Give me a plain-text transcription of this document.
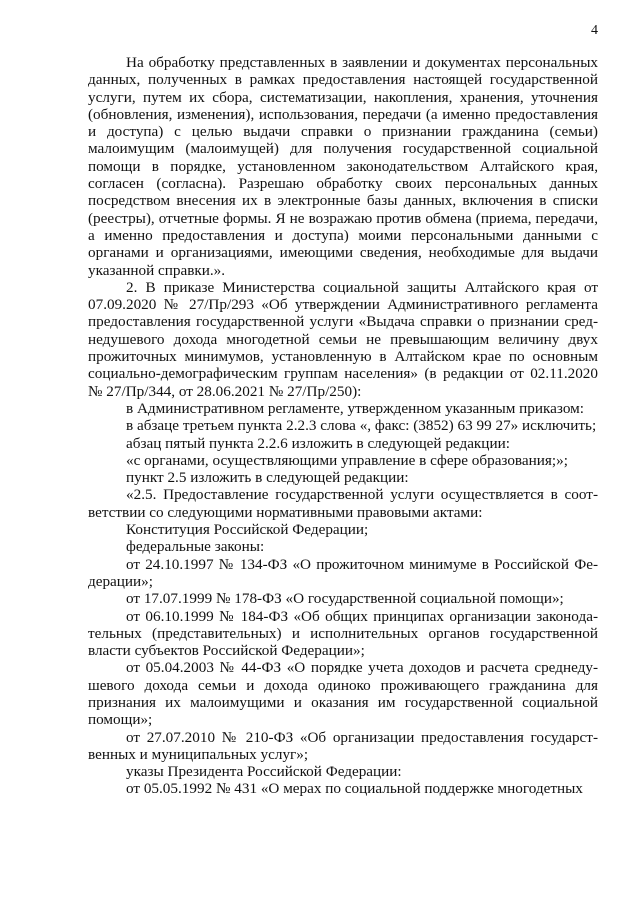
4

На обработку представленных в заявлении и документах персональных данных, полученных в рамках предоставления настоящей государственной услуги, путем их сбора, систематизации, накопления, хранения, уточнения (обновления, изменения), использования, передачи (а именно предоставления и доступа) с целью выдачи справки о признании гражданина (семьи) малоимущим (малоимущей) для получения государственной социальной помощи в порядке, установленном законодательством Алтайского края, согласен (согласна). Разрешаю обработку своих персональных данных посредством внесения их в электронные базы данных, включения в списки (реестры), отчетные формы. Я не возражаю против обмена (приема, передачи, а именно предоставления и доступа) моими персональными данными с органами и организациями, имеющими сведения, необходимые для выдачи указанной справки.».

2. В приказе Министерства социальной защиты Алтайского края от 07.09.2020 № 27/Пр/293 «Об утверждении Административного регламента предоставления государственной услуги «Выдача справки о признании среднедушевого дохода многодетной семьи не превышающим величину двух прожиточных минимумов, установленную в Алтайском крае по основным социально-демографическим группам населения» (в редакции от 02.11.2020 № 27/Пр/344, от 28.06.2021 № 27/Пр/250):

в Административном регламенте, утвержденном указанным приказом:

в абзаце третьем пункта 2.2.3 слова «, факс: (3852) 63 99 27» исключить;

абзац пятый пункта 2.2.6 изложить в следующей редакции:

«с органами, осуществляющими управление в сфере образования;»;

пункт 2.5 изложить в следующей редакции:

«2.5. Предоставление государственной услуги осуществляется в соответствии со следующими нормативными правовыми актами:

Конституция Российской Федерации;

федеральные законы:

от 24.10.1997 № 134-ФЗ «О прожиточном минимуме в Российской Федерации»;

от 17.07.1999 № 178-ФЗ «О государственной социальной помощи»;

от 06.10.1999 № 184-ФЗ «Об общих принципах организации законодательных (представительных) и исполнительных органов государственной власти субъектов Российской Федерации»;

от 05.04.2003 № 44-ФЗ «О порядке учета доходов и расчета среднедушевого дохода семьи и дохода одиноко проживающего гражданина для признания их малоимущими и оказания им государственной социальной помощи»;

от 27.07.2010 № 210-ФЗ «Об организации предоставления государственных и муниципальных услуг»;

указы Президента Российской Федерации:

от 05.05.1992 № 431 «О мерах по социальной поддержке многодетных
